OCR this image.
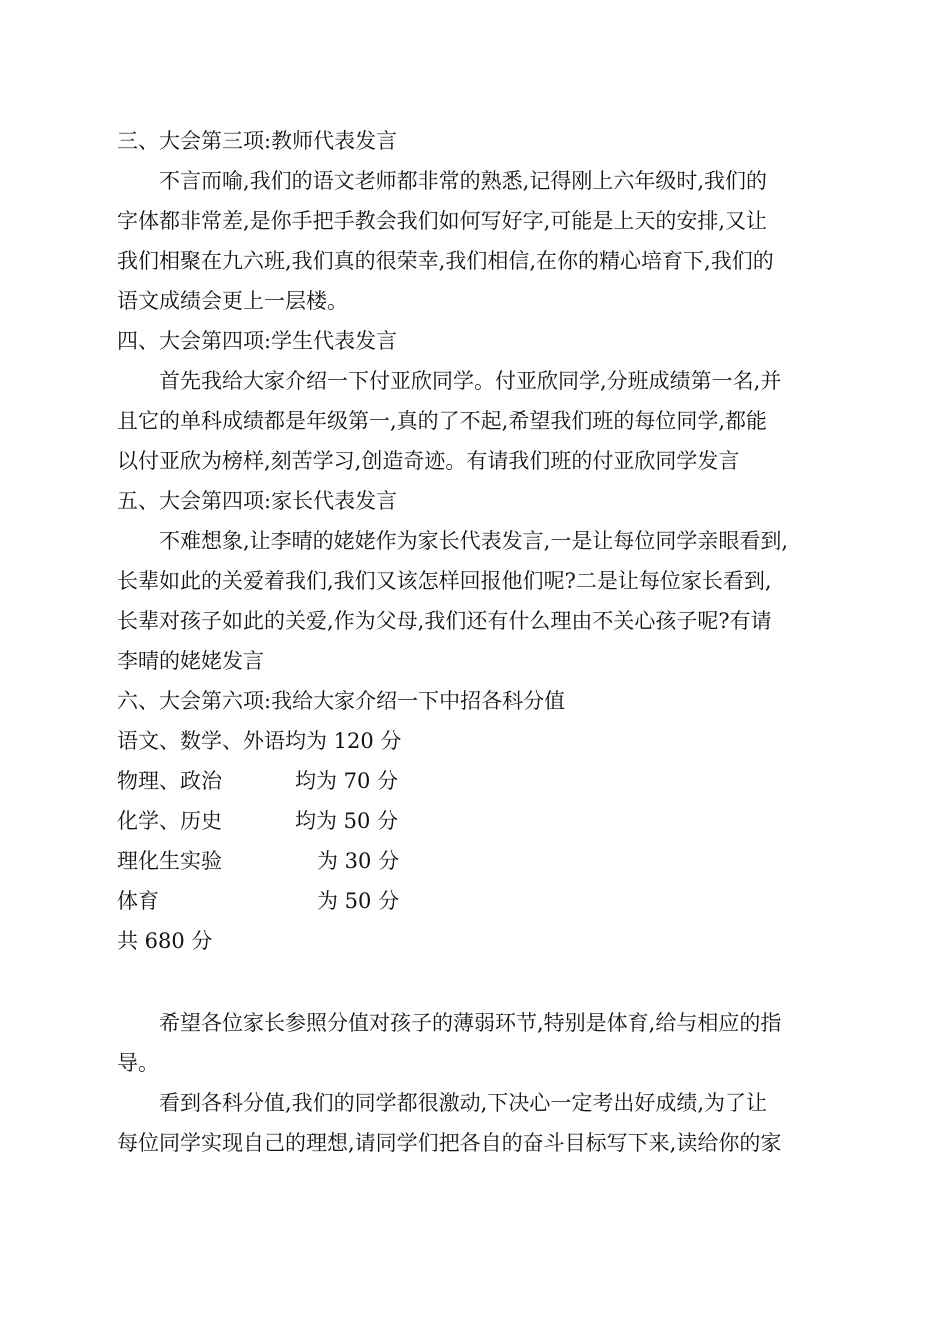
三、大会第三项:教师代表发言
不言而喻,我们的语文老师都非常的熟悉,记得刚上六年级时,我们的
字体都非常差,是你手把手教会我们如何写好字,可能是上天的安排,又让
我们相聚在九六班,我们真的很荣幸,我们相信,在你的精心培育下,我们的
语文成绩会更上一层楼。
四、大会第四项:学生代表发言
首先我给大家介绍一下付亚欣同学。付亚欣同学,分班成绩第一名,并
且它的单科成绩都是年级第一,真的了不起,希望我们班的每位同学,都能
以付亚欣为榜样,刻苦学习,创造奇迹。有请我们班的付亚欣同学发言
五、大会第四项:家长代表发言
不难想象,让李晴的姥姥作为家长代表发言,一是让每位同学亲眼看到,
长辈如此的关爱着我们,我们又该怎样回报他们呢?二是让每位家长看到,
长辈对孩子如此的关爱,作为父母,我们还有什么理由不关心孩子呢?有请
李晴的姥姥发言
六、大会第六项:我给大家介绍一下中招各科分值
语文、数学、外语均为 120 分
物理、政治	均为 70 分
化学、历史	均为 50 分
理化生实验	为 30 分
体育	为 50 分
共 680 分
希望各位家长参照分值对孩子的薄弱环节,特别是体育,给与相应的指
导。
看到各科分值,我们的同学都很激动,下决心一定考出好成绩,为了让
每位同学实现自己的理想,请同学们把各自的奋斗目标写下来,读给你的家
